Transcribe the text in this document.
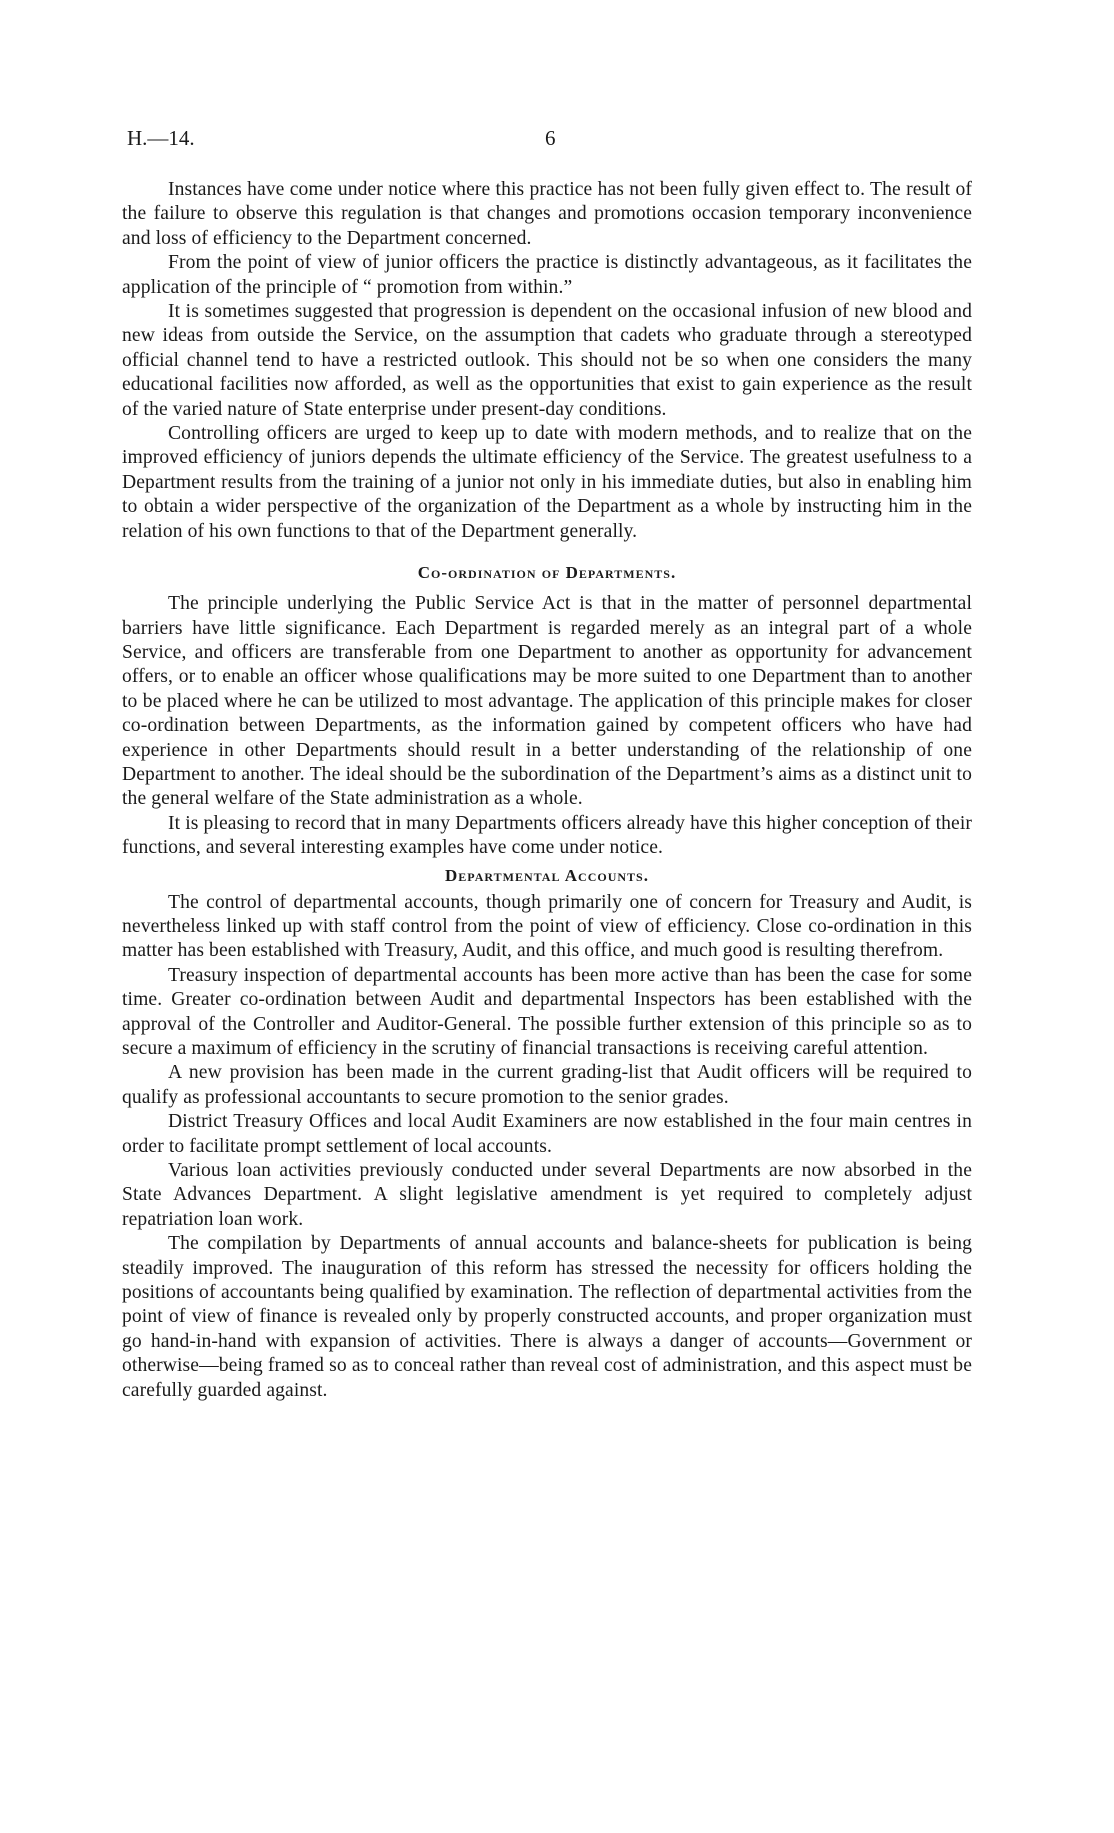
H.—14.	6

Instances have come under notice where this practice has not been fully given effect to. The result of the failure to observe this regulation is that changes and promotions occasion temporary inconvenience and loss of efficiency to the Department concerned.

From the point of view of junior officers the practice is distinctly advantageous, as it facilitates the application of the principle of “ promotion from within.”

It is sometimes suggested that progression is dependent on the occasional infusion of new blood and new ideas from outside the Service, on the assumption that cadets who graduate through a stereotyped official channel tend to have a restricted outlook. This should not be so when one considers the many educational facilities now afforded, as well as the opportunities that exist to gain experience as the result of the varied nature of State enterprise under present-day conditions.

Controlling officers are urged to keep up to date with modern methods, and to realize that on the improved efficiency of juniors depends the ultimate efficiency of the Service. The greatest usefulness to a Department results from the training of a junior not only in his immediate duties, but also in enabling him to obtain a wider perspective of the organization of the Department as a whole by instructing him in the relation of his own functions to that of the Department generally.

Co-ordination of Departments.

The principle underlying the Public Service Act is that in the matter of personnel departmental barriers have little significance. Each Department is regarded merely as an integral part of a whole Service, and officers are transferable from one Department to another as opportunity for advancement offers, or to enable an officer whose qualifications may be more suited to one Department than to another to be placed where he can be utilized to most advantage. The application of this principle makes for closer co-ordination between Departments, as the information gained by competent officers who have had experience in other Departments should result in a better understanding of the relationship of one Department to another. The ideal should be the subordination of the Department’s aims as a distinct unit to the general welfare of the State administration as a whole.

It is pleasing to record that in many Departments officers already have this higher conception of their functions, and several interesting examples have come under notice.

Departmental Accounts.

The control of departmental accounts, though primarily one of concern for Treasury and Audit, is nevertheless linked up with staff control from the point of view of efficiency. Close co-ordination in this matter has been established with Treasury, Audit, and this office, and much good is resulting therefrom.

Treasury inspection of departmental accounts has been more active than has been the case for some time. Greater co-ordination between Audit and departmental Inspectors has been established with the approval of the Controller and Auditor-General. The possible further extension of this principle so as to secure a maximum of efficiency in the scrutiny of financial transactions is receiving careful attention.

A new provision has been made in the current grading-list that Audit officers will be required to qualify as professional accountants to secure promotion to the senior grades.

District Treasury Offices and local Audit Examiners are now established in the four main centres in order to facilitate prompt settlement of local accounts.

Various loan activities previously conducted under several Departments are now absorbed in the State Advances Department. A slight legislative amendment is yet required to completely adjust repatriation loan work.

The compilation by Departments of annual accounts and balance-sheets for publication is being steadily improved. The inauguration of this reform has stressed the necessity for officers holding the positions of accountants being qualified by examination. The reflection of departmental activities from the point of view of finance is revealed only by properly constructed accounts, and proper organization must go hand-in-hand with expansion of activities. There is always a danger of accounts—Government or otherwise—being framed so as to conceal rather than reveal cost of administration, and this aspect must be carefully guarded against.
